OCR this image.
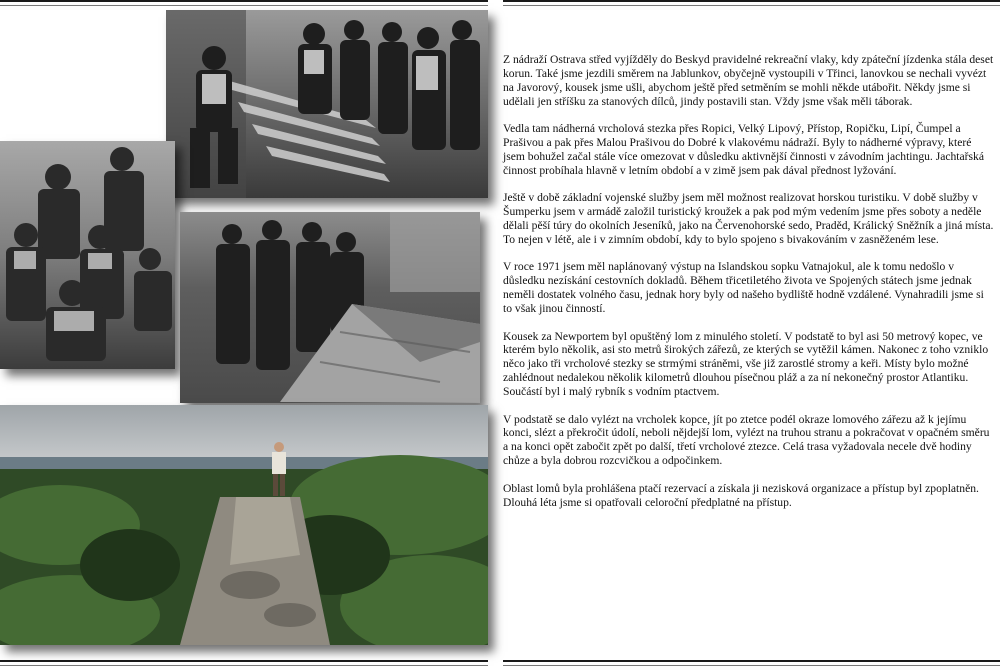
Z nádraží Ostrava střed vyjížděly do Beskyd pravidelné rekreační vlaky, kdy zpáteční jízdenka stála deset korun. Také jsme jezdili směrem na Jablunkov, obyčejně vystoupili v Třinci, lanovkou se nechali vyvézt na Javorový, kousek jsme ušli, abychom ještě před setměním se mohli někde utábořit. Někdy jsme si udělali jen stříšku za stanových dílců, jindy postavili stan. Vždy jsme však měli táborak.

Vedla tam nádherná vrcholová stezka přes Ropici, Velký Lipový, Přístop, Ropičku, Lipí, Čumpel a Prašivou a pak přes Malou Prašivou do Dobré k vlakovému nádraží. Byly to nádherné výpravy, které jsem bohužel začal stále více omezovat v důsledku aktivnější činnosti v závodním jachtingu. Jachtařská činnost probíhala hlavně v letním období a v zimě jsem pak dával přednost lyžování.

Ještě v době základní vojenské služby jsem měl možnost realizovat horskou turistiku. V době služby v Šumperku jsem v armádě založil turistický kroužek a pak pod mým vedením jsme přes soboty a neděle dělali pěší túry do okolních Jeseníků, jako na Červenohorské sedo, Praděd, Králický Sněžník a jiná místa. To nejen v létě, ale i v zimním období, kdy to bylo spojeno s bivakováním v zasněženém lese.

V roce 1971 jsem měl naplánovaný výstup na Islandskou sopku Vatnajokul, ale k tomu nedošlo v důsledku nezískání cestovních dokladů. Během třicetiletého života ve Spojených státech jsme jednak neměli dostatek volného času, jednak hory byly od našeho bydliště hodně vzdálené. Vynahradili jsme si to však jinou činností.

Kousek za Newportem byl opuštěný lom z minulého století. V podstatě to byl asi 50 metrový kopec, ve kterém bylo několik, asi sto metrů širokých zářezů, ze kterých se vytěžil kámen. Nakonec z toho vzniklo něco jako tři vrcholové stezky se strmými stráněmi, vše již zarostlé stromy a keři. Místy bylo možné zahlédnout nedalekou několik kilometrů dlouhou písečnou pláž a za ní nekonečný prostor Atlantiku. Součástí byl i malý rybník s vodním ptactvem.

V podstatě se dalo vylézt na vrcholek kopce, jít po ztetce podél okraze lomového zářezu až k jejímu konci, slézt a překročit údolí, neboli nějdejší lom, vylézt na truhou stranu a pokračovat v opačném směru a na konci opět zabočit zpět po další, třetí vrcholové ztezce. Celá trasa vyžadovala necele dvě hodiny chůze a byla dobrou rozcvičkou a odpočinkem.

Oblast lomů byla prohlášena ptačí rezervací a získala ji nezisková organizace a přístup byl zpoplatněn. Dlouhá léta jsme si opatřovali celoroční předplatné na přístup.
